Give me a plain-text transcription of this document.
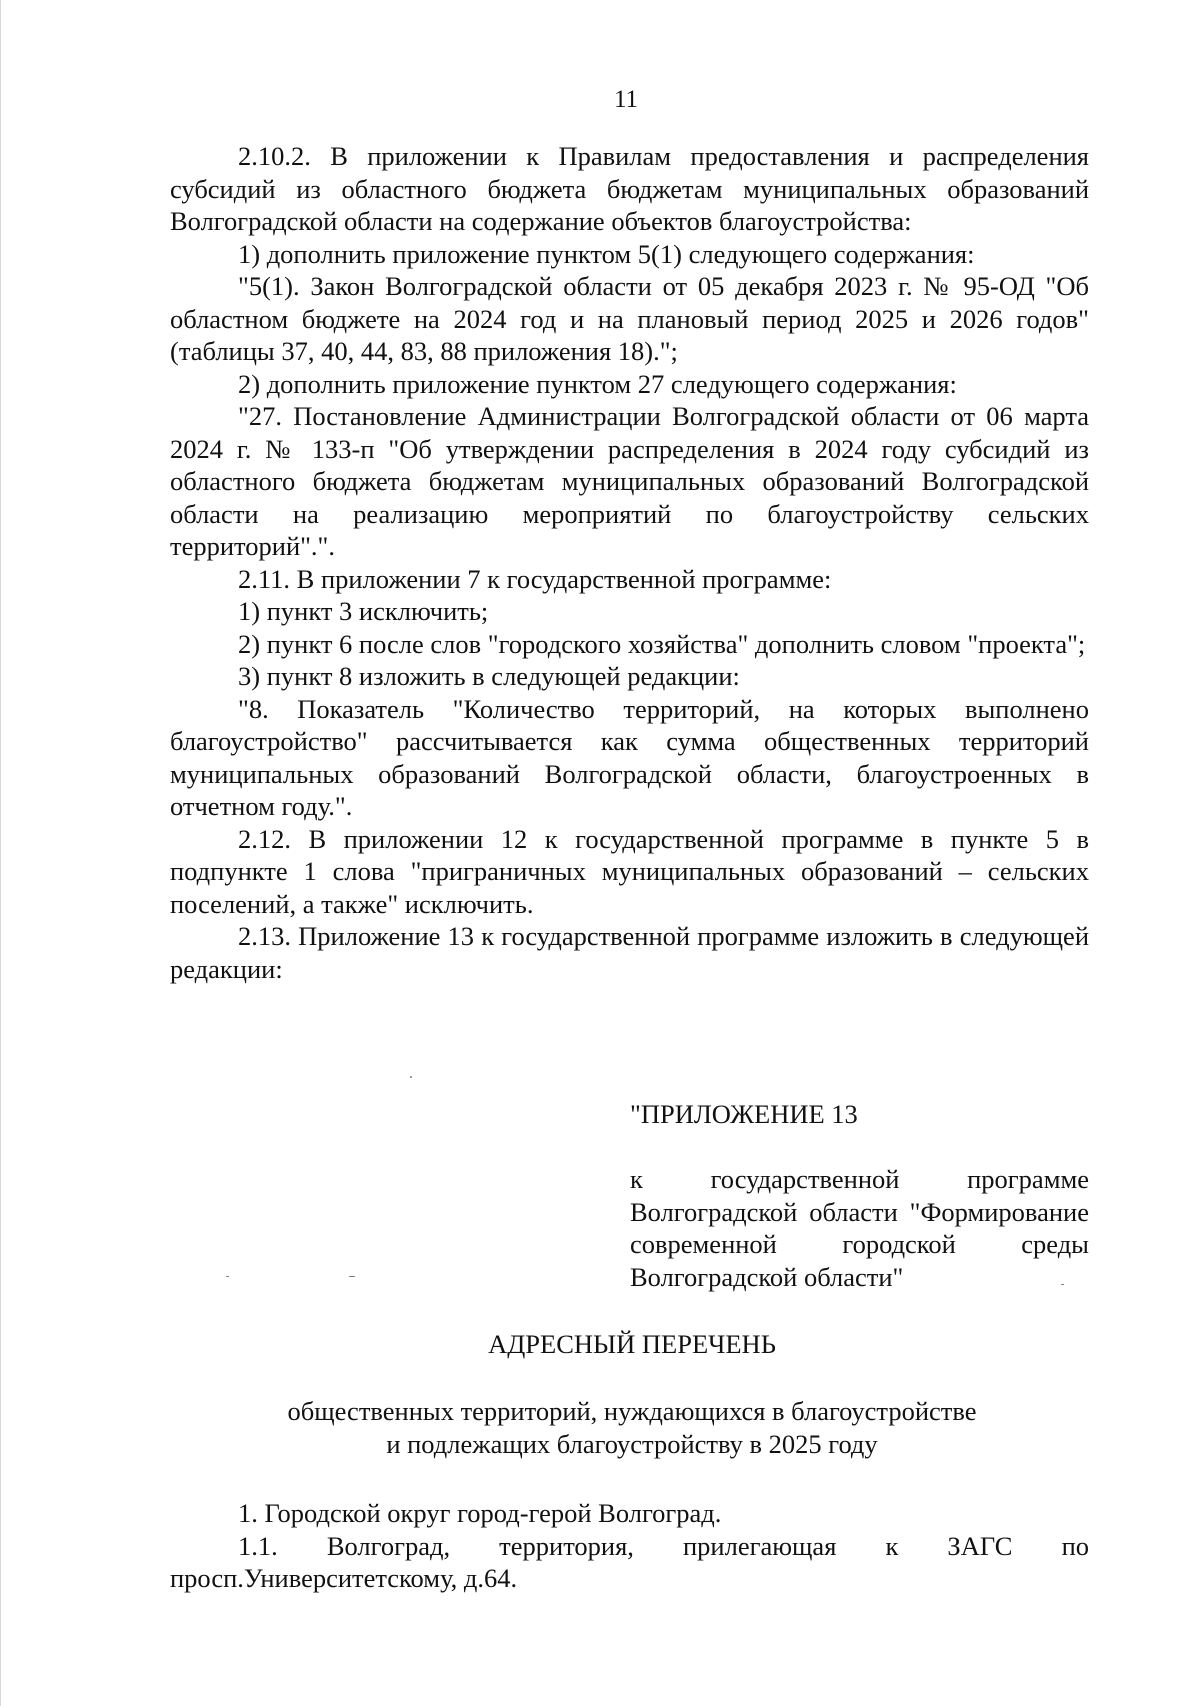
11

2.10.2. В приложении к Правилам предоставления и распределения субсидий из областного бюджета бюджетам муниципальных образований Волгоградской области на содержание объектов благоустройства:

1) дополнить приложение пунктом 5(1) следующего содержания:

"5(1). Закон Волгоградской области от 05 декабря 2023 г. № 95-ОД "Об областном бюджете на 2024 год и на плановый период 2025 и 2026 годов" (таблицы 37, 40, 44, 83, 88 приложения 18).";

2) дополнить приложение пунктом 27 следующего содержания:

"27. Постановление Администрации Волгоградской области от 06 марта 2024 г. № 133-п "Об утверждении распределения в 2024 году субсидий из областного бюджета бюджетам муниципальных образований Волгоградской области на реализацию мероприятий по благоустройству сельских территорий".".

2.11. В приложении 7 к государственной программе:

1) пункт 3 исключить;

2) пункт 6 после слов "городского хозяйства" дополнить словом "проекта";

3) пункт 8 изложить в следующей редакции:

"8. Показатель "Количество территорий, на которых выполнено благоустройство" рассчитывается как сумма общественных территорий муниципальных образований Волгоградской области, благоустроенных в отчетном году.".

2.12. В приложении 12 к государственной программе в пункте 5 в подпункте 1 слова "приграничных муниципальных образований – сельских поселений, а также" исключить.

2.13. Приложение 13 к государственной программе изложить в следующей редакции:

"ПРИЛОЖЕНИЕ 13
к государственной программе Волгоградской области "Формирование современной городской среды Волгоградской области"
АДРЕСНЫЙ ПЕРЕЧЕНЬ
общественных территорий, нуждающихся в благоустройстве
и подлежащих благоустройству в 2025 году

1. Городской округ город-герой Волгоград.

1.1. Волгоград, территория, прилегающая к ЗАГС по просп.Университетскому, д.64.
